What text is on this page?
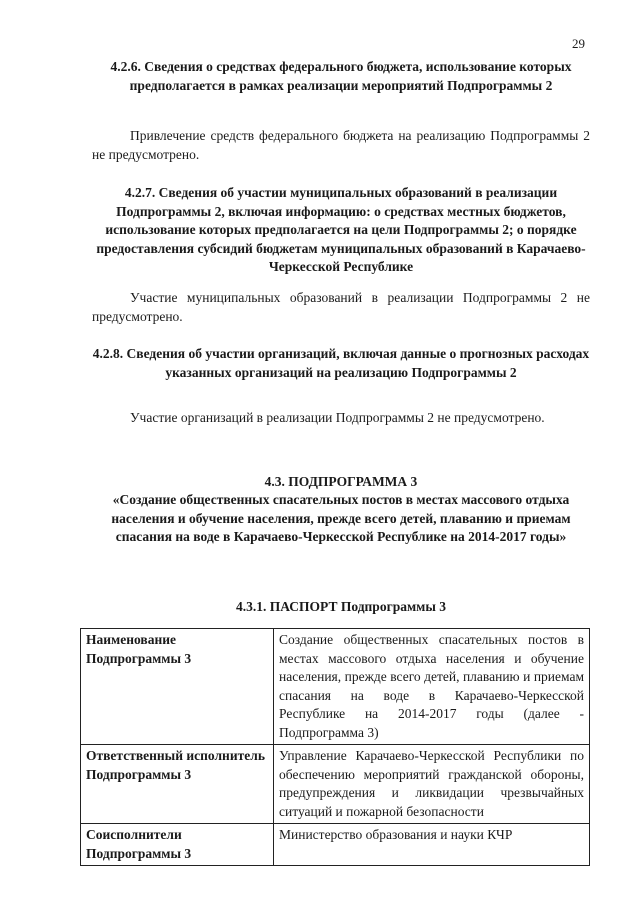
29
4.2.6. Сведения о средствах федерального бюджета, использование которых предполагается в рамках реализации мероприятий Подпрограммы 2
Привлечение средств федерального бюджета на реализацию Подпрограммы 2 не предусмотрено.
4.2.7. Сведения об участии муниципальных образований в реализации Подпрограммы 2, включая информацию: о средствах местных бюджетов, использование которых предполагается на цели Подпрограммы 2; о порядке предоставления субсидий бюджетам муниципальных образований в Карачаево-Черкесской Республике
Участие муниципальных образований в реализации Подпрограммы 2 не предусмотрено.
4.2.8. Сведения об участии организаций, включая данные о прогнозных расходах указанных организаций на реализацию Подпрограммы 2
Участие организаций в реализации Подпрограммы 2 не предусмотрено.
4.3. ПОДПРОГРАММА 3
«Создание общественных спасательных постов в местах массового отдыха населения и обучение населения, прежде всего детей, плаванию и приемам спасания на воде в Карачаево-Черкесской Республике на 2014-2017 годы»
4.3.1. ПАСПОРТ Подпрограммы 3
Наименование Подпрограммы 3	Создание общественных спасательных постов в местах массового отдыха населения и обучение населения, прежде всего детей, плаванию и приемам спасания на воде в Карачаево-Черкесской Республике на 2014-2017 годы (далее - Подпрограмма 3)
Ответственный исполнитель Подпрограммы 3	Управление Карачаево-Черкесской Республики по обеспечению мероприятий гражданской обороны, предупреждения и ликвидации чрезвычайных ситуаций и пожарной безопасности
Соисполнители Подпрограммы 3	Министерство образования и науки КЧР
